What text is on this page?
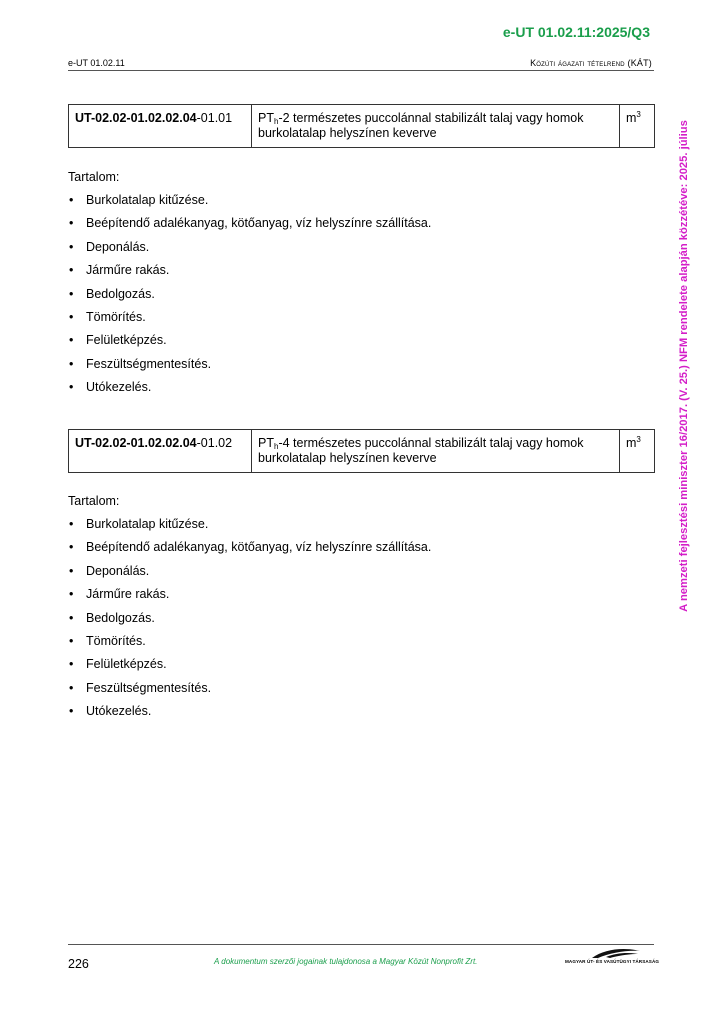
e-UT 01.02.11:2025/Q3
e-UT 01.02.11	Közúti ágazati tételrend (KÁT)
A nemzeti fejlesztési miniszter 16/2017. (V. 25.) NFM rendelete alapján közzétéve: 2025. július
UT-02.02-01.02.02.04-01.01	$PT_h-2$ természetes puccolánnal stabilizált talaj vagy homok burkolatalap helyszínen keverve	$m^3$
Tartalom:
• Burkolatalap kitűzése.
• Beépítendő adalékanyag, kötőanyag, víz helyszínre szállítása.
• Deponálás.
• Járműre rakás.
• Bedolgozás.
• Tömörítés.
• Felületképzés.
• Feszültségmentesítés.
• Utókezelés.
UT-02.02-01.02.02.04-01.02	$PT_h-4$ természetes puccolánnal stabilizált talaj vagy homok burkolatalap helyszínen keverve	$m^3$
Tartalom:
• Burkolatalap kitűzése.
• Beépítendő adalékanyag, kötőanyag, víz helyszínre szállítása.
• Deponálás.
• Járműre rakás.
• Bedolgozás.
• Tömörítés.
• Felületképzés.
• Feszültségmentesítés.
• Utókezelés.
226	A dokumentum szerzői jogainak tulajdonosa a Magyar Közút Nonprofit Zrt.	MAGYAR ÚT- ÉS VASÚTÜGYI TÁRSASÁG
